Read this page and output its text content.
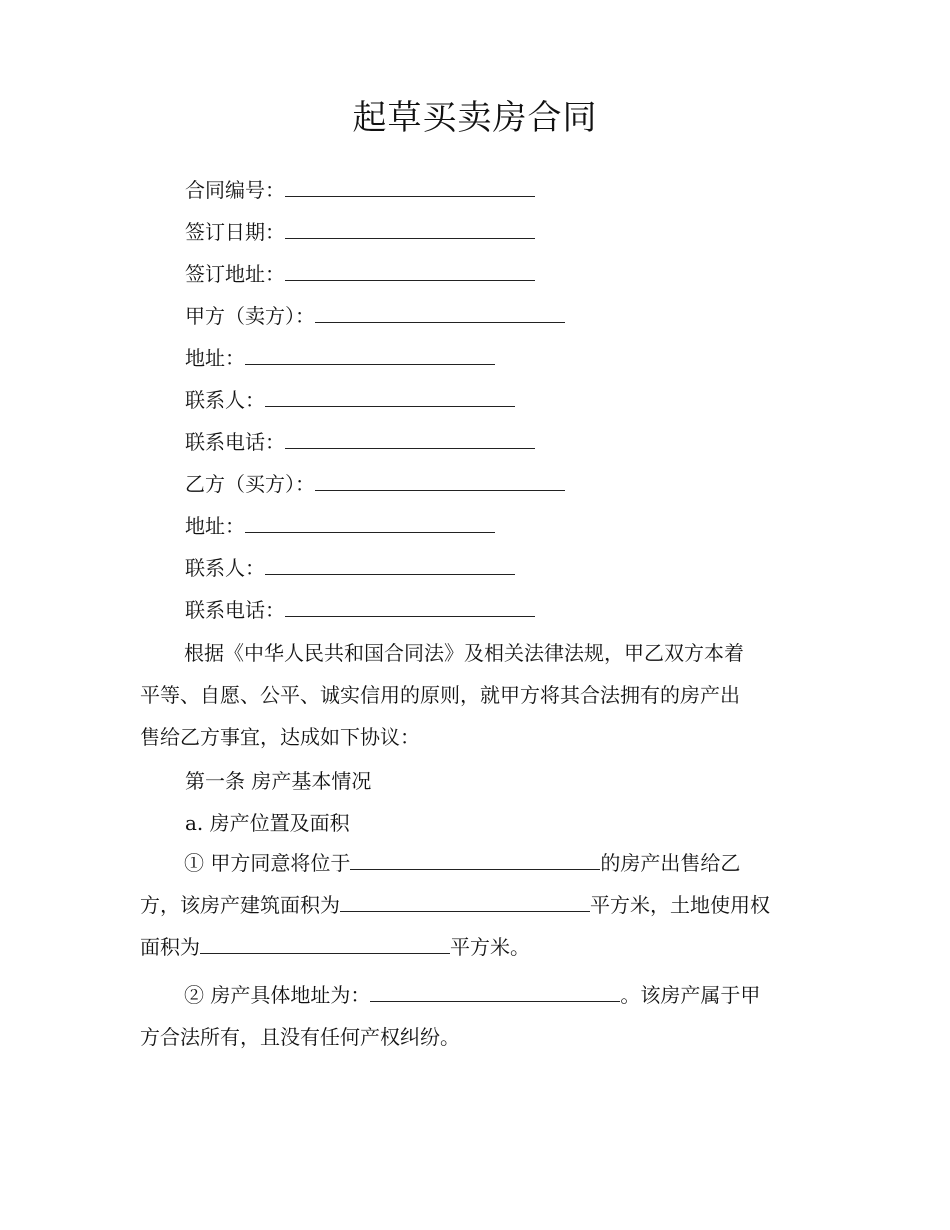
起草买卖房合同
合同编号：
签订日期：
签订地址：
甲方（卖方）：
地址：
联系人：
联系电话：
乙方（买方）：
地址：
联系人：
联系电话：
根据《中华人民共和国合同法》及相关法律法规，甲乙双方本着
平等、自愿、公平、诚实信用的原则，就甲方将其合法拥有的房产出
售给乙方事宜，达成如下协议：
第一条 房产基本情况
a. 房产位置及面积
① 甲方同意将位于	的房产出售给乙
方，该房产建筑面积为	平方米，土地使用权
面积为	平方米。
② 房产具体地址为：	。该房产属于甲
方合法所有，且没有任何产权纠纷。
